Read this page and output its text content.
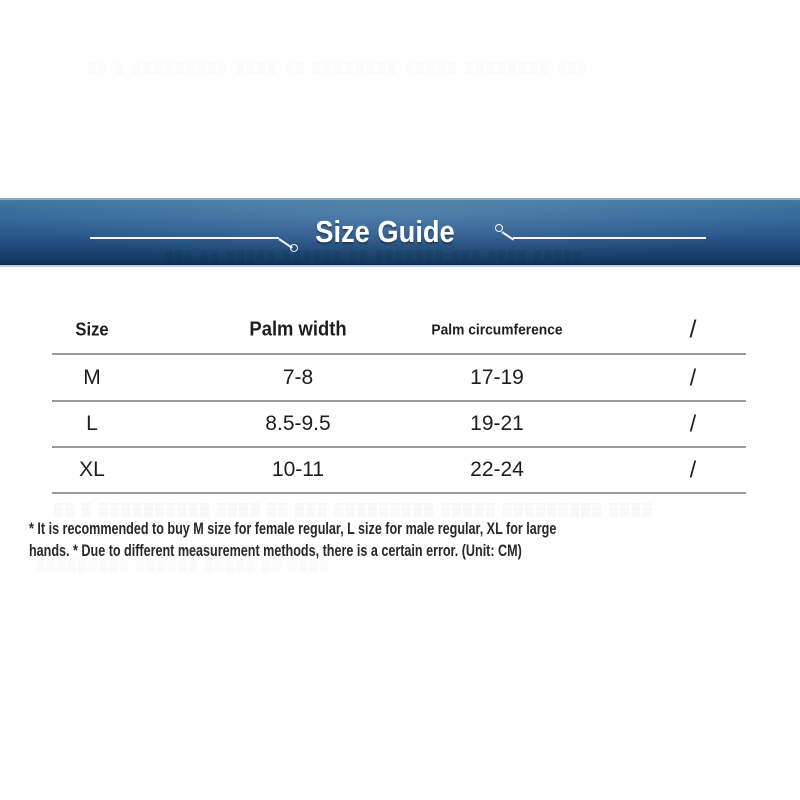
▒▒ ▒ ▒▒▒▒▒▒▒▒▒ ▒▒▒▒ ▒▒ ▒▒▒▒▒▒▒▒ ▒▒▒▒▒ ▒▒▒▒▒▒▒▒ ▒▒▒
▒▒▒ ▒▒ ▒▒▒▒▒ ▒▒▒▒▒▒ ▒▒ ▒▒▒▒▒▒▒ ▒▒▒ ▒▒▒▒ ▒▒▒▒▒
Size Guide
Size	Palm width	Palm circumference	/
M	7-8	17-19	/
L	8.5-9.5	19-21	/
XL	10-11	22-24	/
▒▒ ▒ ▒▒▒▒▒▒▒▒▒▒ ▒▒▒▒ ▒▒ ▒▒▒ ▒▒▒▒▒▒▒▒▒ ▒▒▒▒▒ ▒▒▒▒▒▒▒▒▒ ▒▒▒▒
* It is recommended to buy M size for female regular, L size for male regular, XL for large
hands. * Due to different measurement methods, there is a certain error. (Unit: CM)
▒▒▒▒▒▒▒▒▒ ▒▒▒▒▒▒ ▒▒▒▒▒ ▒▒ ▒▒▒▒
